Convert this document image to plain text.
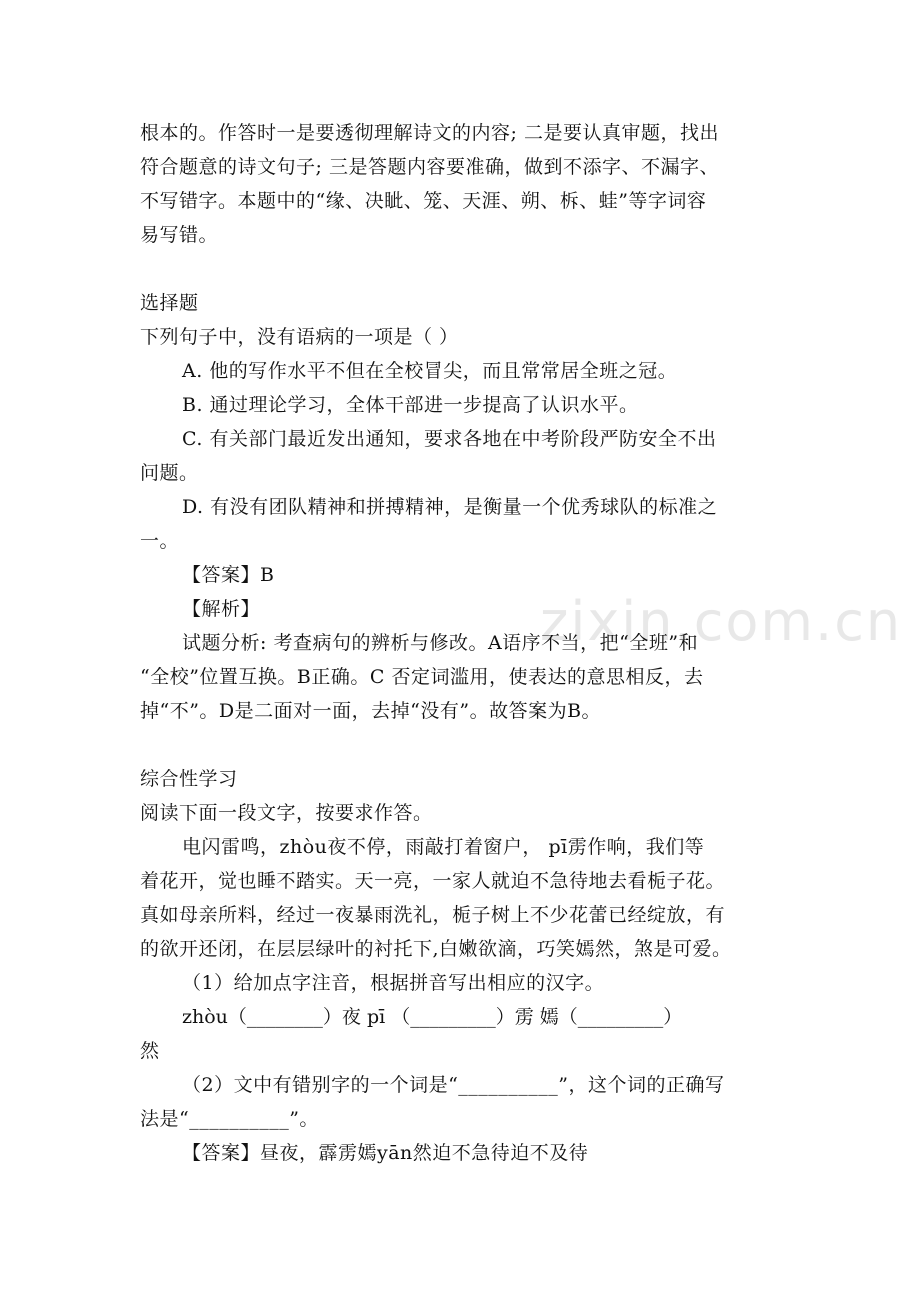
zixin.com.cn
根本的。作答时一是要透彻理解诗文的内容; 二是要认真审题，找出
符合题意的诗文句子; 三是答题内容要准确，做到不添字、不漏字、
不写错字。本题中的“缘、决眦、笼、天涯、朔、柝、蛙”等字词容
易写错。
选择题
下列句子中，没有语病的一项是（ ）
A. 他的写作水平不但在全校冒尖，而且常常居全班之冠。
B. 通过理论学习，全体干部进一步提高了认识水平。
C. 有关部门最近发出通知，要求各地在中考阶段严防安全不出
问题。
D. 有没有团队精神和拼搏精神，是衡量一个优秀球队的标准之
一。
【答案】B
【解析】
试题分析: 考查病句的辨析与修改。A语序不当，把“全班”和
“全校”位置互换。B正确。C 否定词滥用，使表达的意思相反，去
掉“不”。D是二面对一面，去掉“没有”。故答案为B。
综合性学习
阅读下面一段文字，按要求作答。
电闪雷鸣，zhòu夜不停，雨敲打着窗户， pī雳作响，我们等
着花开，觉也睡不踏实。天一亮，一家人就迫不急待地去看栀子花。
真如母亲所料，经过一夜暴雨洗礼，栀子树上不少花蕾已经绽放，有
的欲开还闭，在层层绿叶的衬托下,白嫩欲滴，巧笑嫣然，煞是可爱。
（1）给加点字注音，根据拼音写出相应的汉字。
zhòu（________）夜 pī （_________）雳 嫣（_________）
然
（2）文中有错别字的一个词是“__________”，这个词的正确写
法是“__________”。
【答案】昼夜，霹雳嫣yān然迫不急待迫不及待
